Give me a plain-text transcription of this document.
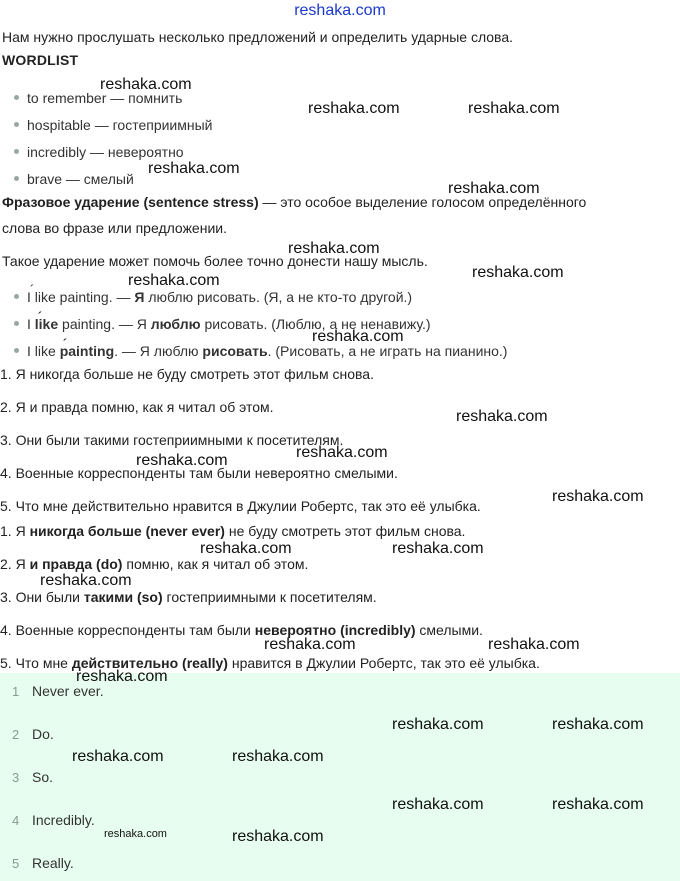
reshaka.com
Нам нужно прослушать несколько предложений и определить ударные слова.
WORDLIST
to remember — помнить
hospitable — гостеприимный
incredibly — невероятно
brave — смелый
Фразовое ударение (sentence stress) — это особое выделение голосом определённого
слова во фразе или предложении.
Такое ударение может помочь более точно донести нашу мысль.
´ I like painting. — Я люблю рисовать. (Я, а не кто-то другой.)
I ´ like painting. — Я люблю рисовать. (Люблю, а не ненавижу.)
I like ´ painting. — Я люблю рисовать. (Рисовать, а не играть на пианино.)
1. Я никогда больше не буду смотреть этот фильм снова.
2. Я и правда помню, как я читал об этом.
3. Они были такими гостеприимными к посетителям.
4. Военные корреспонденты там были невероятно смелыми.
5. Что мне действительно нравится в Джулии Робертс, так это её улыбка.
1. Я никогда больше (never ever) не буду смотреть этот фильм снова.
2. Я и правда (do) помню, как я читал об этом.
3. Они были такими (so) гостеприимными к посетителям.
4. Военные корреспонденты там были невероятно (incredibly) смелыми.
5. Что мне действительно (really) нравится в Джулии Робертс, так это её улыбка.
1 Never ever.
2 Do.
3 So.
4 Incredibly.
5 Really.
reshaka.com
reshaka.com	reshaka.com
reshaka.com
reshaka.com
reshaka.com
reshaka.com
reshaka.com
reshaka.com
reshaka.com
reshaka.com
reshaka.com
reshaka.com
reshaka.com	reshaka.com
reshaka.com
reshaka.com	reshaka.com
reshaka.com
reshaka.com	reshaka.com
reshaka.com	reshaka.com
reshaka.com	reshaka.com
reshaka.com	reshaka.com
